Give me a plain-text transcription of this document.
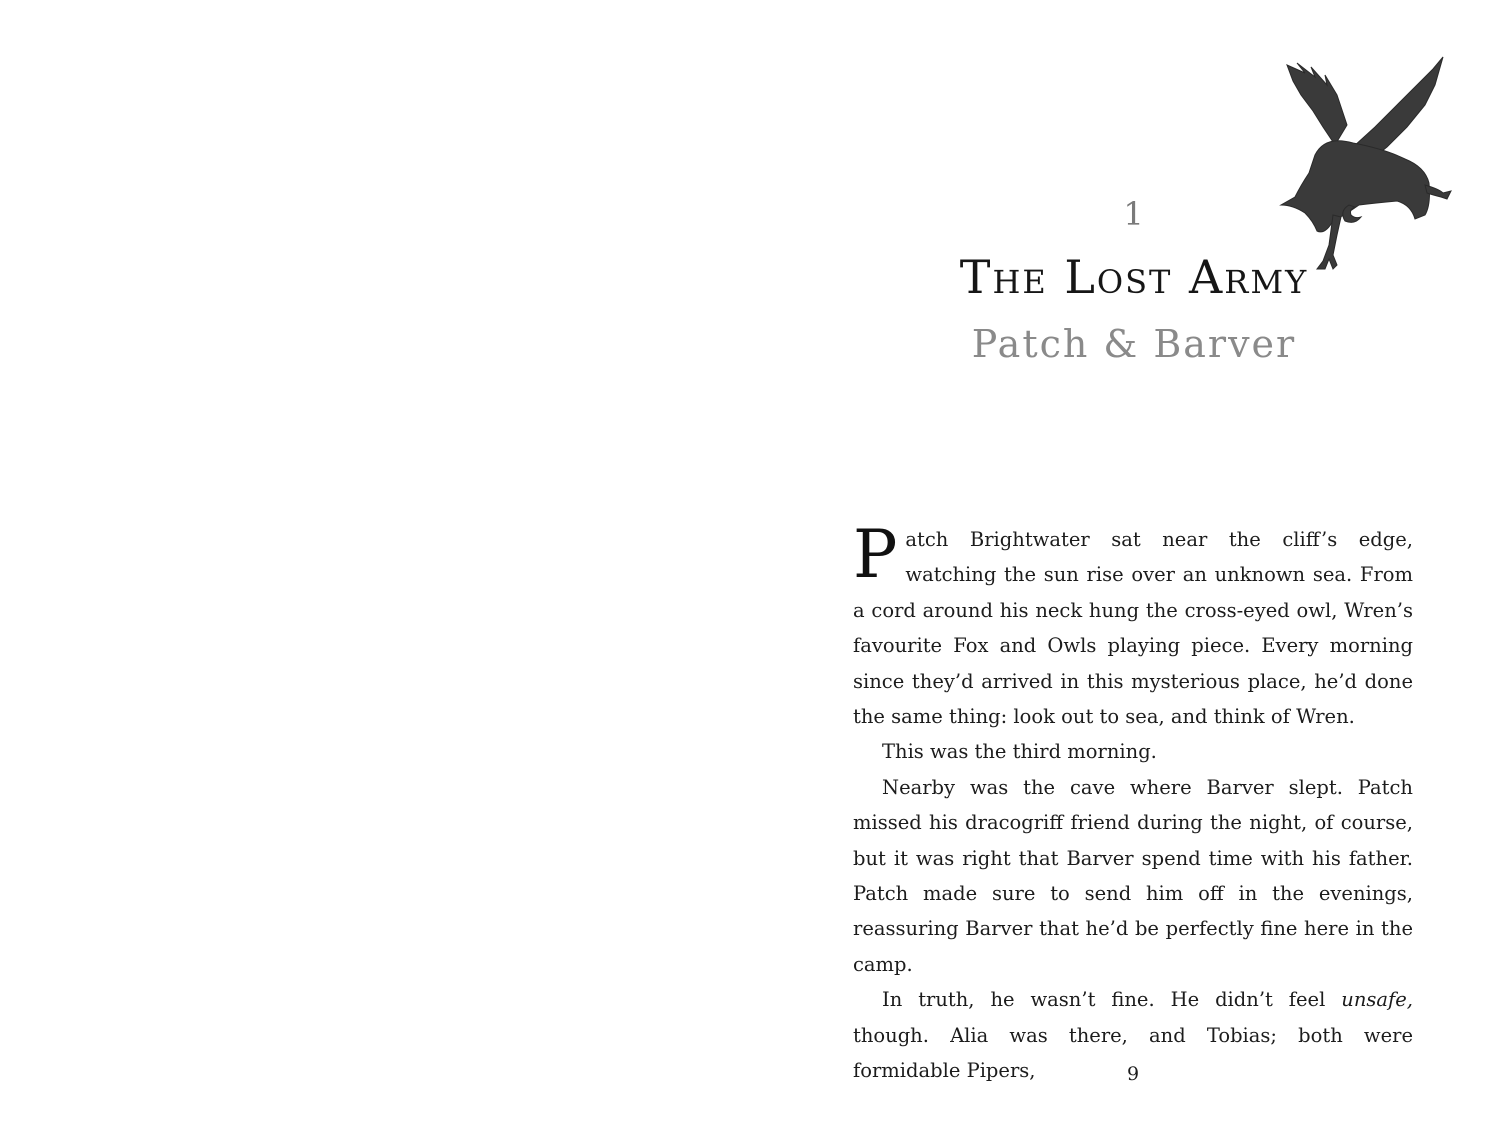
1
The Lost Army
Patch & Barver

Patch Brightwater sat near the cliff’s edge, watching the sun rise over an unknown sea. From a cord around his neck hung the cross-eyed owl, Wren’s favourite Fox and Owls playing piece. Every morning since they’d arrived in this mysterious place, he’d done the same thing: look out to sea, and think of Wren.

This was the third morning.

Nearby was the cave where Barver slept. Patch missed his dracogriff friend during the night, of course, but it was right that Barver spend time with his father. Patch made sure to send him off in the evenings, reassuring Barver that he’d be perfectly fine here in the camp.

In truth, he wasn’t fine. He didn’t feel unsafe, though. Alia was there, and Tobias; both were formidable Pipers,	9
